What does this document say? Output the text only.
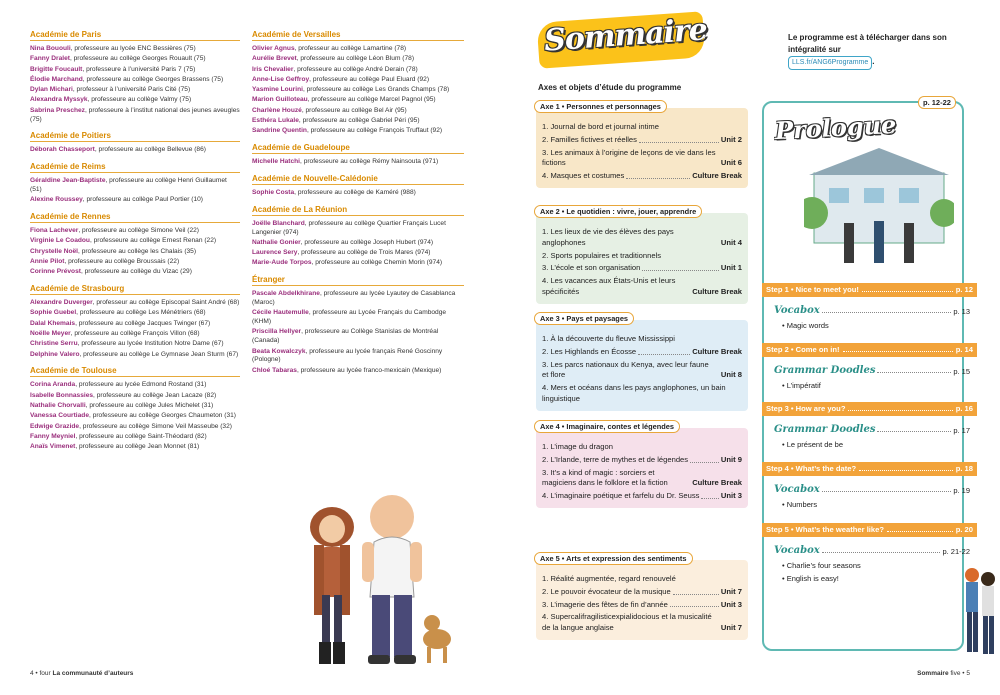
Académie de Paris
Nina Bououli, professeure au lycée ENC Bessières (75)
Fanny Dralet, professeure au collège Georges Rouault (75)
Brigitte Foucault, professeure à l’université Paris 7 (75)
Élodie Marchand, professeure au collège Georges Brassens (75)
Dylan Michari, professeur à l’université Paris Cité (75)
Alexandra Myssyk, professeure au collège Valmy (75)
Sabrina Preschez, professeure à l’institut national des jeunes aveugles (75)
Académie de Poitiers
Déborah Chasseport, professeure au collège Bellevue (86)
Académie de Reims
Géraldine Jean-Baptiste, professeure au collège Henri Guillaumet (51)
Alexine Roussey, professeure au collège Paul Portier (10)
Académie de Rennes
Fiona Lachever, professeure au collège Simone Veil (22)
Virginie Le Coadou, professeure au collège Ernest Renan (22)
Chrystelle Noël, professeure au collège les Chalais (35)
Annie Pilot, professeure au collège Broussais (22)
Corinne Prévost, professeure au collège du Vizac (29)
Académie de Strasbourg
Alexandre Duverger, professeur au collège Episcopal Saint André (68)
Sophie Guebel, professeure au collège Les Ménétriers (68)
Dalal Khemais, professeure au collège Jacques Twinger (67)
Noëlle Meyer, professeure au collège François Villon (68)
Christine Serru, professeure au lycée Institution Notre Dame (67)
Delphine Valero, professeure au collège Le Gymnase Jean Sturm (67)
Académie de Toulouse
Corina Aranda, professeure au lycée Edmond Rostand (31)
Isabelle Bonnassies, professeure au collège Jean Lacaze (82)
Nathalie Chorvalli, professeure au collège Jules Michelet (31)
Vanessa Courtiade, professeure au collège Georges Chaumeton (31)
Edwige Grazide, professeure au collège Simone Veil Masseube (32)
Fanny Meyniel, professeure au collège Saint-Théodard (82)
Anaïs Vimenet, professeure au collège Jean Monnet (81)
Académie de Versailles
Olivier Agnus, professeur au collège Lamartine (78)
Aurélie Brevet, professeure au collège Léon Blum (78)
Iris Chevalier, professeure au collège André Derain (78)
Anne-Lise Geffroy, professeure au collège Paul Eluard (92)
Yasmine Lourini, professeure au collège Les Grands Champs (78)
Marion Guilloteau, professeure au collège Marcel Pagnol (95)
Charlène Houzé, professeure au collège Bel Air (95)
Esthéra Lukale, professeure au collège Gabriel Péri (95)
Sandrine Quentin, professeure au collège François Truffaut (92)
Académie de Guadeloupe
Michelle Hatchi, professeure au collège Rémy Nainsouta (971)
Académie de Nouvelle-Calédonie
Sophie Costa, professeure au collège de Kaméré (988)
Académie de La Réunion
Joëlle Blanchard, professeure au collège Quartier Français Lucet Langenier (974)
Nathalie Gonier, professeure au collège Joseph Hubert (974)
Laurence Sery, professeure au collège de Trois Mares (974)
Marie-Aude Torpos, professeure au collège Chemin Morin (974)
Étranger
Pascale Abdelkhirane, professeure au lycée Lyautey de Casablanca (Maroc)
Cécile Hautemulle, professeure au Lycée Français du Cambodge (KHM)
Priscilla Hellyer, professeure au Collège Stanislas de Montréal (Canada)
Beata Kowalczyk, professeure au lycée français René Goscinny (Pologne)
Chloé Tabaras, professeure au lycée franco-mexicain (Mexique)
4 • four La communauté d’auteurs
Sommaire	Le programme est à télécharger dans son intégralité sur
LLS.fr/ANG6Programme .
Axes et objets d’étude du programme
Axe 1 • Personnes et personnages
1. Journal de bord et journal intime
2. Familles fictives et réelles	Unit 2
3. Les animaux à l’origine de leçons de vie dans les fictions	Unit 6
4. Masques et costumes	Culture Break
Axe 2 • Le quotidien : vivre, jouer, apprendre
1. Les lieux de vie des élèves des pays anglophones	Unit 4
2. Sports populaires et traditionnels
3. L’école et son organisation	Unit 1
4. Les vacances aux États-Unis et leurs spécificités	Culture Break
Axe 3 • Pays et paysages
1. À la découverte du fleuve Mississippi
2. Les Highlands en Écosse	Culture Break
3. Les parcs nationaux du Kenya, avec leur faune et flore	Unit 8
4. Mers et océans dans les pays anglophones, un bain linguistique
Axe 4 • Imaginaire, contes et légendes
1. L’image du dragon
2. L’Irlande, terre de mythes et de légendes	Unit 9
3. It’s a kind of magic : sorciers et magiciens dans le folklore et la fiction	Culture Break
4. L’imaginaire poétique et farfelu du Dr. Seuss	Unit 3
Axe 5 • Arts et expression des sentiments
1. Réalité augmentée, regard renouvelé
2. Le pouvoir évocateur de la musique	Unit 7
3. L’imagerie des fêtes de fin d’année	Unit 3
4. Supercalifragilisticexpialidocious et la musicalité de la langue anglaise	Unit 7
p. 12-22
Prologue
Step 1 • Nice to meet you!	p. 12
Vocabox	p. 13
• Magic words
Step 2 • Come on in!	p. 14
Grammar Doodles	p. 15
• L’impératif
Step 3 • How are you?	p. 16
Grammar Doodles	p. 17
• Le présent de be
Step 4 • What’s the date?	p. 18
Vocabox	p. 19
• Numbers
Step 5 • What’s the weather like?	p. 20
Vocabox	p. 21-22
• Charlie’s four seasons
• English is easy!
Sommaire five • 5
